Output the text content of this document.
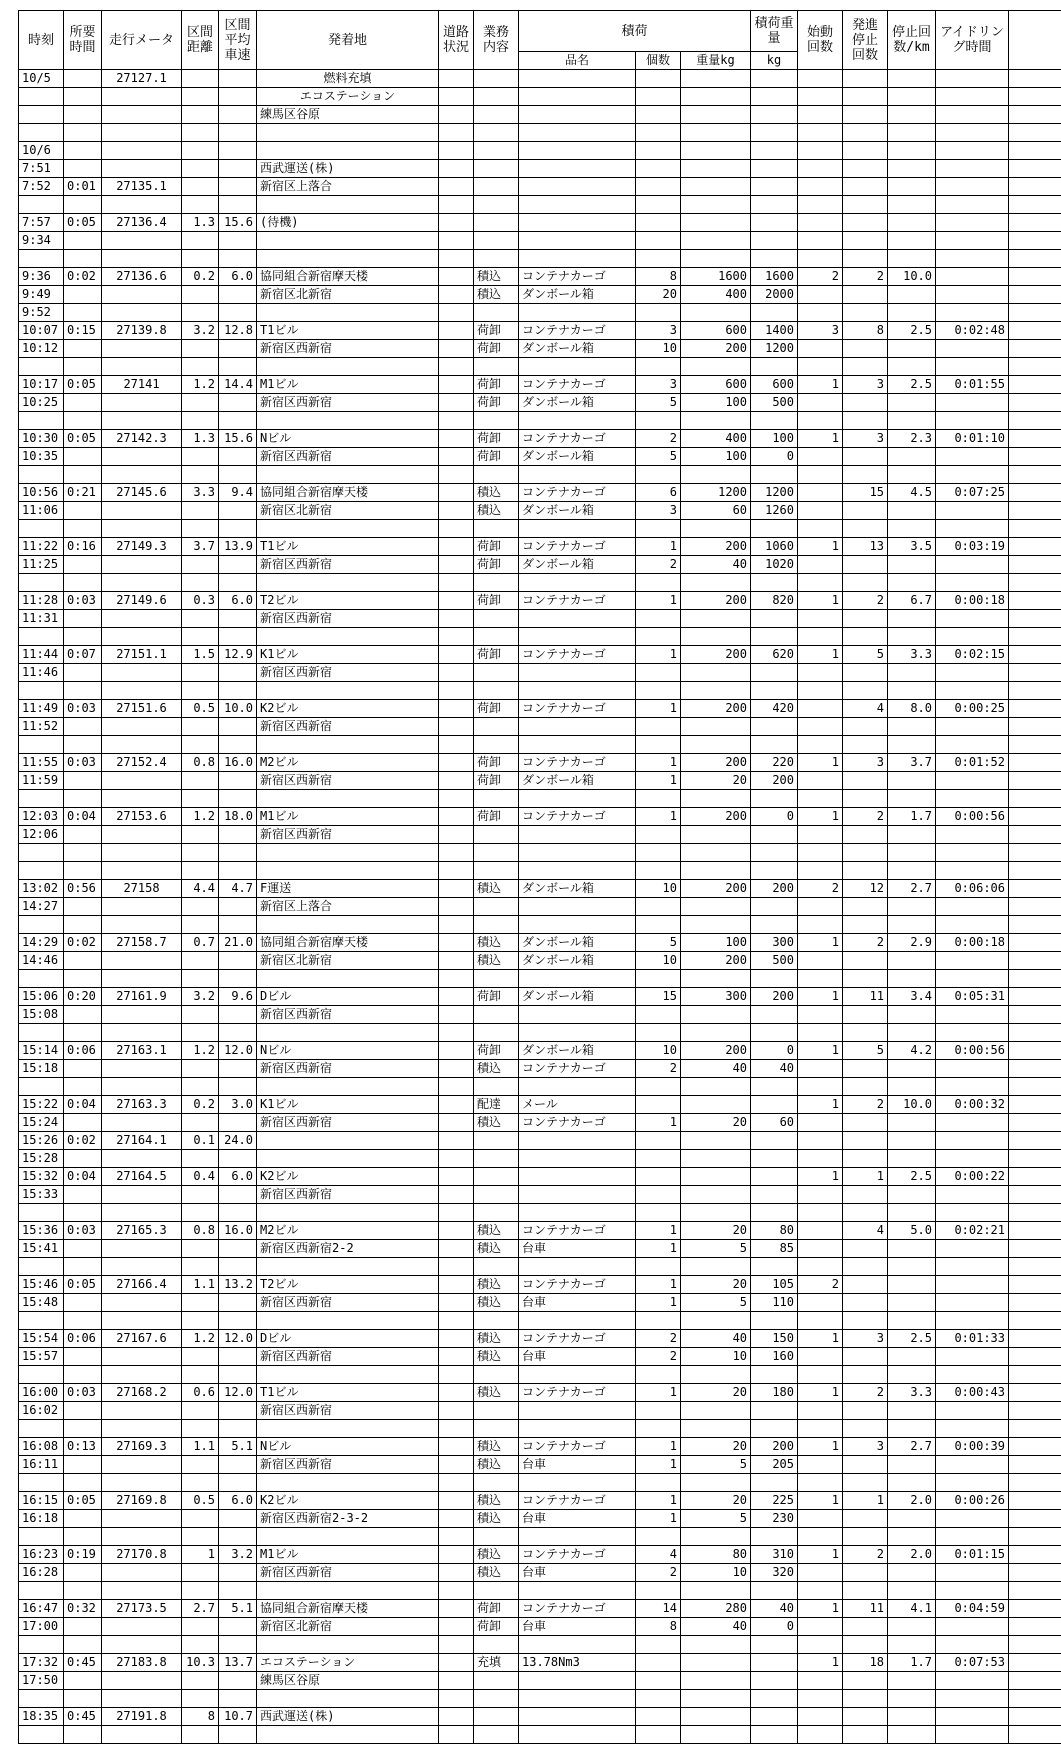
時刻	所要時間	走行メータ	区間距離	区間平均車速	発着地	道路状況	業務内容	積荷			積荷重量	始動回数	発進停止回数	停止回数/km	アイドリング時間	
								品名	個数	重量kg	kg					
10/5		27127.1			燃料充填											
					エコステーション											
					練馬区谷原											

10/6																
7:51					西武運送(株)											
7:52	0:01	27135.1			新宿区上落合											

7:57	0:05	27136.4	1.3	15.6	(待機)											
9:34																

9:36	0:02	27136.6	0.2	6.0	協同組合新宿摩天楼		積込	コンテナカーゴ	8	1600	1600	2	2	10.0		
9:49					新宿区北新宿		積込	ダンボール箱	20	400	2000					
9:52																
10:07	0:15	27139.8	3.2	12.8	T1ビル		荷卸	コンテナカーゴ	3	600	1400	3	8	2.5	0:02:48	
10:12					新宿区西新宿		荷卸	ダンボール箱	10	200	1200					

10:17	0:05	27141	1.2	14.4	M1ビル		荷卸	コンテナカーゴ	3	600	600	1	3	2.5	0:01:55	
10:25					新宿区西新宿		荷卸	ダンボール箱	5	100	500					

10:30	0:05	27142.3	1.3	15.6	Nビル		荷卸	コンテナカーゴ	2	400	100	1	3	2.3	0:01:10	
10:35					新宿区西新宿		荷卸	ダンボール箱	5	100	0					

10:56	0:21	27145.6	3.3	9.4	協同組合新宿摩天楼		積込	コンテナカーゴ	6	1200	1200		15	4.5	0:07:25	
11:06					新宿区北新宿		積込	ダンボール箱	3	60	1260					

11:22	0:16	27149.3	3.7	13.9	T1ビル		荷卸	コンテナカーゴ	1	200	1060	1	13	3.5	0:03:19	
11:25					新宿区西新宿		荷卸	ダンボール箱	2	40	1020					

11:28	0:03	27149.6	0.3	6.0	T2ビル		荷卸	コンテナカーゴ	1	200	820	1	2	6.7	0:00:18	
11:31					新宿区西新宿											

11:44	0:07	27151.1	1.5	12.9	K1ビル		荷卸	コンテナカーゴ	1	200	620	1	5	3.3	0:02:15	
11:46					新宿区西新宿											

11:49	0:03	27151.6	0.5	10.0	K2ビル		荷卸	コンテナカーゴ	1	200	420		4	8.0	0:00:25	
11:52					新宿区西新宿											

11:55	0:03	27152.4	0.8	16.0	M2ビル		荷卸	コンテナカーゴ	1	200	220	1	3	3.7	0:01:52	
11:59					新宿区西新宿		荷卸	ダンボール箱	1	20	200					

12:03	0:04	27153.6	1.2	18.0	M1ビル		荷卸	コンテナカーゴ	1	200	0	1	2	1.7	0:00:56	
12:06					新宿区西新宿											

13:02	0:56	27158	4.4	4.7	F運送		積込	ダンボール箱	10	200	200	2	12	2.7	0:06:06	
14:27					新宿区上落合											

14:29	0:02	27158.7	0.7	21.0	協同組合新宿摩天楼		積込	ダンボール箱	5	100	300	1	2	2.9	0:00:18	
14:46					新宿区北新宿		積込	ダンボール箱	10	200	500					

15:06	0:20	27161.9	3.2	9.6	Dビル		荷卸	ダンボール箱	15	300	200	1	11	3.4	0:05:31	
15:08					新宿区西新宿											

15:14	0:06	27163.1	1.2	12.0	Nビル		荷卸	ダンボール箱	10	200	0	1	5	4.2	0:00:56	
15:18					新宿区西新宿		積込	コンテナカーゴ	2	40	40					

15:22	0:04	27163.3	0.2	3.0	K1ビル		配達	メール				1	2	10.0	0:00:32	
15:24					新宿区西新宿		積込	コンテナカーゴ	1	20	60					
15:26	0:02	27164.1	0.1	24.0												
15:28																
15:32	0:04	27164.5	0.4	6.0	K2ビル							1	1	2.5	0:00:22	
15:33					新宿区西新宿											

15:36	0:03	27165.3	0.8	16.0	M2ビル		積込	コンテナカーゴ	1	20	80		4	5.0	0:02:21	
15:41					新宿区西新宿2-2		積込	台車	1	5	85					

15:46	0:05	27166.4	1.1	13.2	T2ビル		積込	コンテナカーゴ	1	20	105	2				
15:48					新宿区西新宿		積込	台車	1	5	110					

15:54	0:06	27167.6	1.2	12.0	Dビル		積込	コンテナカーゴ	2	40	150	1	3	2.5	0:01:33	
15:57					新宿区西新宿		積込	台車	2	10	160					

16:00	0:03	27168.2	0.6	12.0	T1ビル		積込	コンテナカーゴ	1	20	180	1	2	3.3	0:00:43	
16:02					新宿区西新宿											

16:08	0:13	27169.3	1.1	5.1	Nビル		積込	コンテナカーゴ	1	20	200	1	3	2.7	0:00:39	
16:11					新宿区西新宿		積込	台車	1	5	205					

16:15	0:05	27169.8	0.5	6.0	K2ビル		積込	コンテナカーゴ	1	20	225	1	1	2.0	0:00:26	
16:18					新宿区西新宿2-3-2		積込	台車	1	5	230					

16:23	0:19	27170.8	1	3.2	M1ビル		積込	コンテナカーゴ	4	80	310	1	2	2.0	0:01:15	
16:28					新宿区西新宿		積込	台車	2	10	320					

16:47	0:32	27173.5	2.7	5.1	協同組合新宿摩天楼		荷卸	コンテナカーゴ	14	280	40	1	11	4.1	0:04:59	
17:00					新宿区北新宿		荷卸	台車	8	40	0					

17:32	0:45	27183.8	10.3	13.7	エコステーション		充填	13.78Nm3				1	18	1.7	0:07:53	
17:50					練馬区谷原											

18:35	0:45	27191.8	8	10.7	西武運送(株)											
